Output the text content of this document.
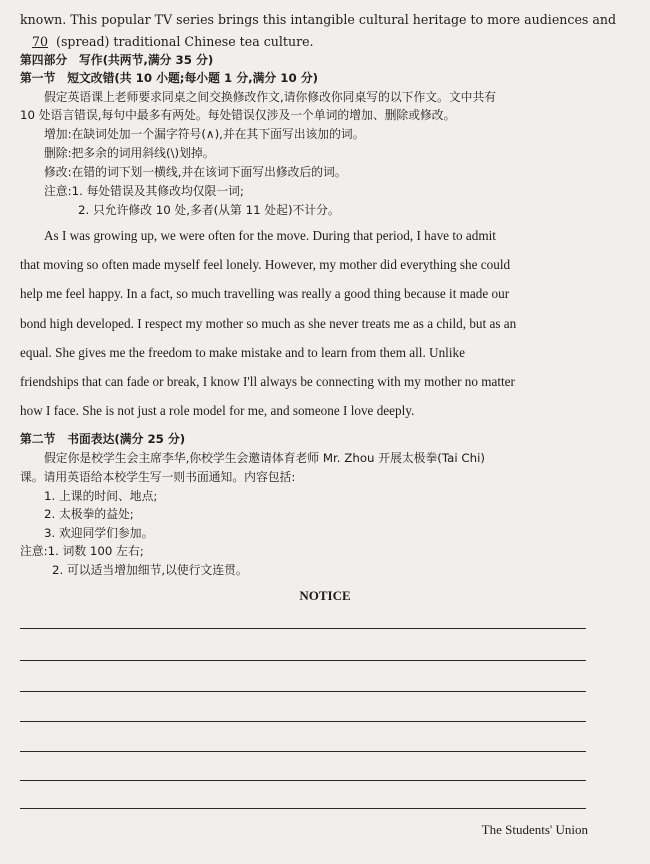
known. This popular TV series brings this intangible cultural heritage to more audiences and
70 (spread) traditional Chinese tea culture.
第四部分　写作(共两节,满分 35 分)
第一节　短文改错(共 10 小题;每小题 1 分,满分 10 分)
假定英语课上老师要求同桌之间交换修改作文,请你修改你同桌写的以下作文。文中共有
10 处语言错误,每句中最多有两处。每处错误仅涉及一个单词的增加、删除或修改。
增加:在缺词处加一个漏字符号(∧),并在其下面写出该加的词。
删除:把多余的词用斜线(\)划掉。
修改:在错的词下划一横线,并在该词下面写出修改后的词。
注意:1. 每处错误及其修改均仅限一词;
2. 只允许修改 10 处,多者(从第 11 处起)不计分。
As I was growing up, we were often for the move. During that period, I have to admit
that moving so often made myself feel lonely. However, my mother did everything she could
help me feel happy. In a fact, so much travelling was really a good thing because it made our
bond high developed. I respect my mother so much as she never treats me as a child, but as an
equal. She gives me the freedom to make mistake and to learn from them all. Unlike
friendships that can fade or break, I know I'll always be connecting with my mother no matter
how I face. She is not just a role model for me, and someone I love deeply.
第二节　书面表达(满分 25 分)
假定你是校学生会主席李华,你校学生会邀请体育老师 Mr. Zhou 开展太极拳(Tai Chi)
课。请用英语给本校学生写一则书面通知。内容包括:
1. 上课的时间、地点;
2. 太极拳的益处;
3. 欢迎同学们参加。
注意:1. 词数 100 左右;
2. 可以适当增加细节,以使行文连贯。
NOTICE
The Students' Union
